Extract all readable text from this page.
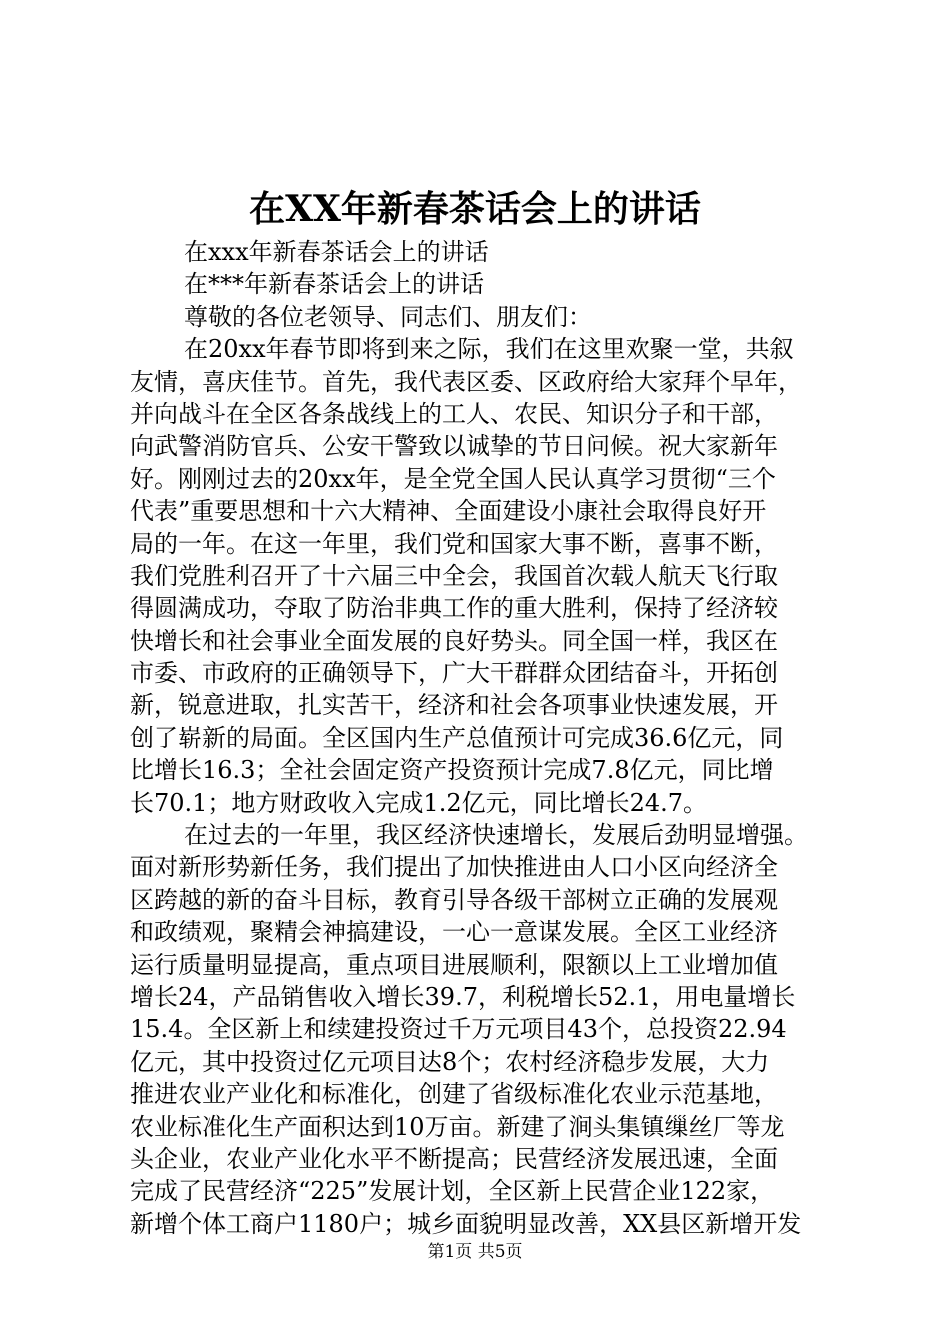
在XX年新春茶话会上的讲话

在xxx年新春茶话会上的讲话

在***年新春茶话会上的讲话

尊敬的各位老领导、同志们、朋友们：

在20xx年春节即将到来之际，我们在这里欢聚一堂，共叙

友情，喜庆佳节。首先，我代表区委、区政府给大家拜个早年，

并向战斗在全区各条战线上的工人、农民、知识分子和干部，

向武警消防官兵、公安干警致以诚挚的节日问候。祝大家新年

好。刚刚过去的20xx年，是全党全国人民认真学习贯彻“三个

代表”重要思想和十六大精神、全面建设小康社会取得良好开

局的一年。在这一年里，我们党和国家大事不断，喜事不断，

我们党胜利召开了十六届三中全会，我国首次载人航天飞行取

得圆满成功，夺取了防治非典工作的重大胜利，保持了经济较

快增长和社会事业全面发展的良好势头。同全国一样，我区在

市委、市政府的正确领导下，广大干群群众团结奋斗，开拓创

新，锐意进取，扎实苦干，经济和社会各项事业快速发展，开

创了崭新的局面。全区国内生产总值预计可完成36.6亿元，同

比增长16.3；全社会固定资产投资预计完成7.8亿元，同比增

长70.1；地方财政收入完成1.2亿元，同比增长24.7。

在过去的一年里，我区经济快速增长，发展后劲明显增强。

面对新形势新任务，我们提出了加快推进由人口小区向经济全

区跨越的新的奋斗目标，教育引导各级干部树立正确的发展观

和政绩观，聚精会神搞建设，一心一意谋发展。全区工业经济

运行质量明显提高，重点项目进展顺利，限额以上工业增加值

增长24，产品销售收入增长39.7，利税增长52.1，用电量增长

15.4。全区新上和续建投资过千万元项目43个，总投资22.94

亿元，其中投资过亿元项目达8个；农村经济稳步发展，大力

推进农业产业化和标准化，创建了省级标准化农业示范基地，

农业标准化生产面积达到10万亩。新建了涧头集镇缫丝厂等龙

头企业，农业产业化水平不断提高；民营经济发展迅速，全面

完成了民营经济“225”发展计划，全区新上民营企业122家，

新增个体工商户1180户；城乡面貌明显改善，XX县区新增开发

第1页 共5页
